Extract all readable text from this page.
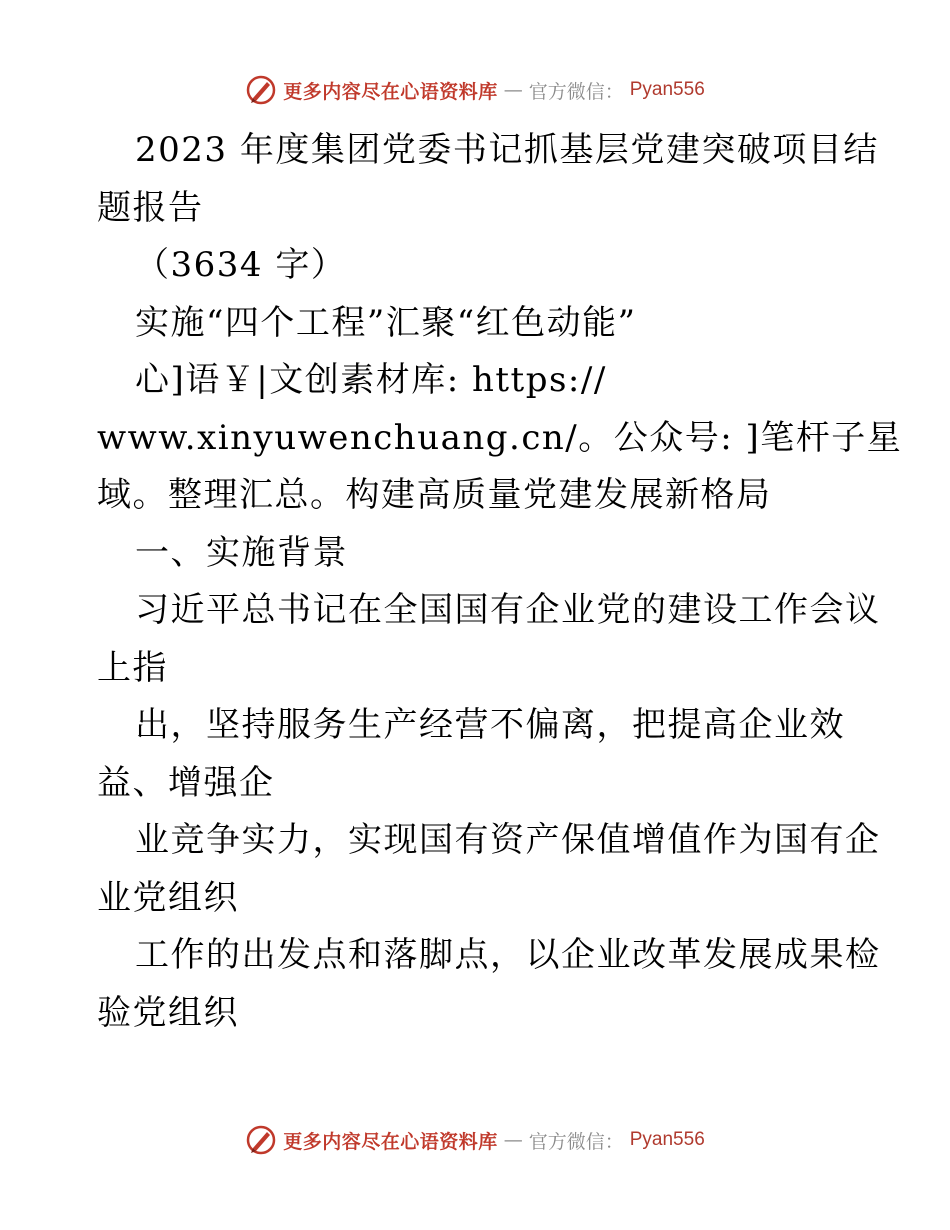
更多内容尽在心语资料库 — 官方微信： Pyan556
2023 年度集团党委书记抓基层党建突破项目结
题报告
（3634 字）
实施“四个工程”汇聚“红色动能”
心]语￥|文创素材库: https://
www.xinyuwenchuang.cn/。公众号: ]笔杆子星
域。整理汇总。构建高质量党建发展新格局
一、实施背景
习近平总书记在全国国有企业党的建设工作会议
上指
出，坚持服务生产经营不偏离，把提高企业效
益、增强企
业竞争实力，实现国有资产保值增值作为国有企
业党组织
工作的出发点和落脚点，以企业改革发展成果检
验党组织
更多内容尽在心语资料库 — 官方微信： Pyan556
